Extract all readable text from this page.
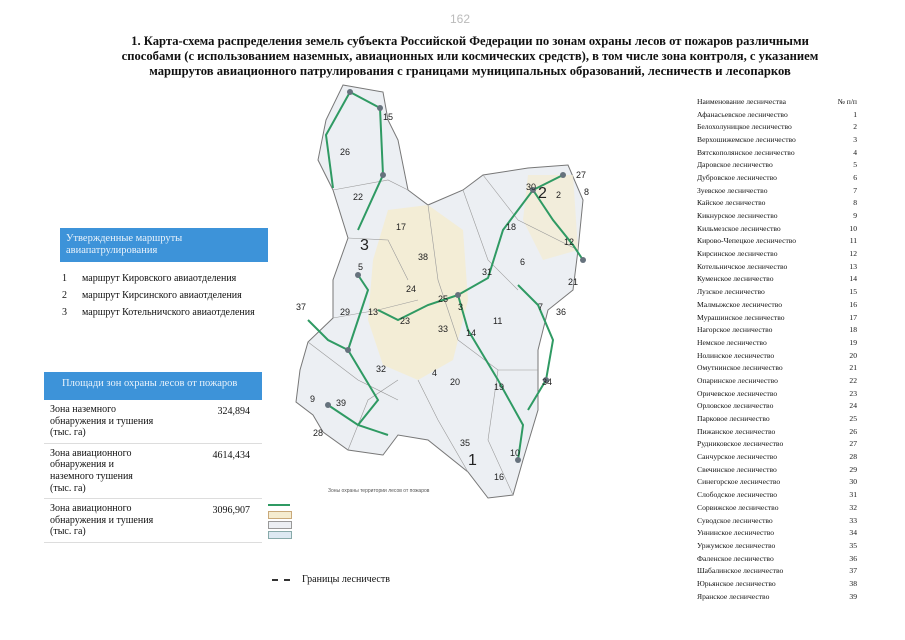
162
1. Карта-схема распределения земель субъекта Российской Федерации по зонам охраны лесов от пожаров различными способами (с использованием наземных, авиационных или космических средств), в том числе зона контроля, с указанием маршрутов авиационного патрулирования с границами муниципальных образований, лесничеств и лесопарков
3
2
1
15
26
22
17
5
38
18
30
27
8
2
12
6
21
37	29 13
24
23
31
3
25
7
14
11
36
33
32	4
20	19	34
9 39
28
35
10
16
Утвержденные маршруты авиапатрулирования
1	маршрут Кировского авиаотделения
2	маршрут Кирсинского авиаотделения
3	маршрут Котельничского авиаотделения
Площади зон охраны лесов от пожаров
Зона наземного обнаружения и тушения (тыс. га)
324,894
Зона авиационного обнаружения и наземного тушения (тыс. га)
4614,434
Зона авиационного обнаружения и тушения (тыс. га)
3096,907
Наименование лесничества	№ п/п
Афанасьевское лесничество	1
Белохолуницкое лесничество	2
Верхошижемское лесничество	3
Вятскополянское лесничество	4
Даровское лесничество	5
Дубровское лесничество	6
Зуевское лесничество	7
Кайское лесничество	8
Кикнурское лесничество	9
Кильмезское лесничество	10
Кирово-Чепецкое лесничество	11
Кирсинское лесничество	12
Котельничское лесничество	13
Куменское лесничество	14
Лузское лесничество	15
Малмыжское лесничество	16
Мурашинское лесничество	17
Нагорское лесничество	18
Немское лесничество	19
Нолинское лесничество	20
Омутнинское лесничество	21
Опаринское лесничество	22
Оричевское лесничество	23
Орловское лесничество	24
Парковое лесничество	25
Пижанское лесничество	26
Рудниковское лесничество	27
Санчурское лесничество	28
Свечинское лесничество	29
Синегорское лесничество	30
Слободское лесничество	31
Сорвижское лесничество	32
Суводское лесничество	33
Уннинское лесничество	34
Уржумское лесничество	35
Фаленское лесничество	36
Шабалинское лесничество	37
Юрьянское лесничество	38
Яранское лесничество	39
Зоны охраны территории лесов от пожаров
Границы лесничеств
